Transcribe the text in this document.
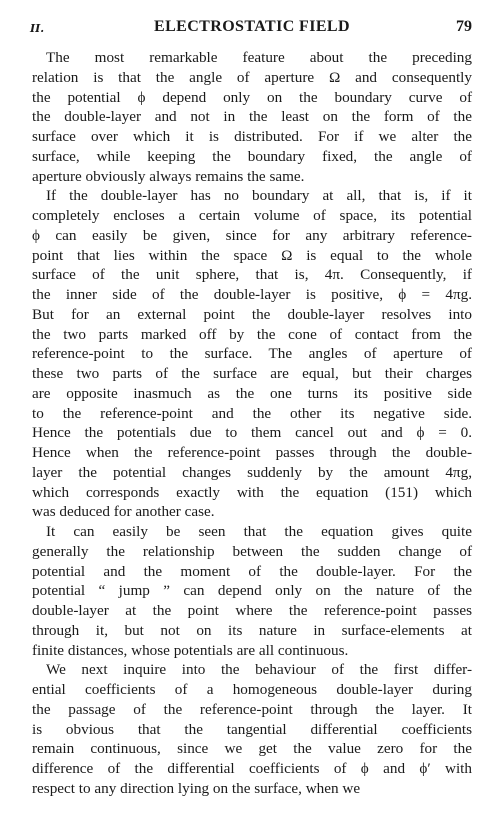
II.	ELECTROSTATIC FIELD	79
The most remarkable feature about the preceding
relation is that the angle of aperture Ω and consequently
the potential ϕ depend only on the boundary curve of
the double-layer and not in the least on the form of the
surface over which it is distributed. For if we alter the
surface, while keeping the boundary fixed, the angle of
aperture obviously always remains the same.
If the double-layer has no boundary at all, that is, if it
completely encloses a certain volume of space, its potential
ϕ can easily be given, since for any arbitrary reference-
point that lies within the space Ω is equal to the whole
surface of the unit sphere, that is, 4π. Consequently, if
the inner side of the double-layer is positive, ϕ = 4πg.
But for an external point the double-layer resolves into
the two parts marked off by the cone of contact from the
reference-point to the surface. The angles of aperture of
these two parts of the surface are equal, but their charges
are opposite inasmuch as the one turns its positive side
to the reference-point and the other its negative side.
Hence the potentials due to them cancel out and ϕ = 0.
Hence when the reference-point passes through the double-
layer the potential changes suddenly by the amount 4πg,
which corresponds exactly with the equation (151) which
was deduced for another case.
It can easily be seen that the equation gives quite
generally the relationship between the sudden change of
potential and the moment of the double-layer. For the
potential “ jump ” can depend only on the nature of the
double-layer at the point where the reference-point passes
through it, but not on its nature in surface-elements at
finite distances, whose potentials are all continuous.
We next inquire into the behaviour of the first differ-
ential coefficients of a homogeneous double-layer during
the passage of the reference-point through the layer. It
is obvious that the tangential differential coefficients
remain continuous, since we get the value zero for the
difference of the differential coefficients of ϕ and ϕ′ with
respect to any direction lying on the surface, when we
